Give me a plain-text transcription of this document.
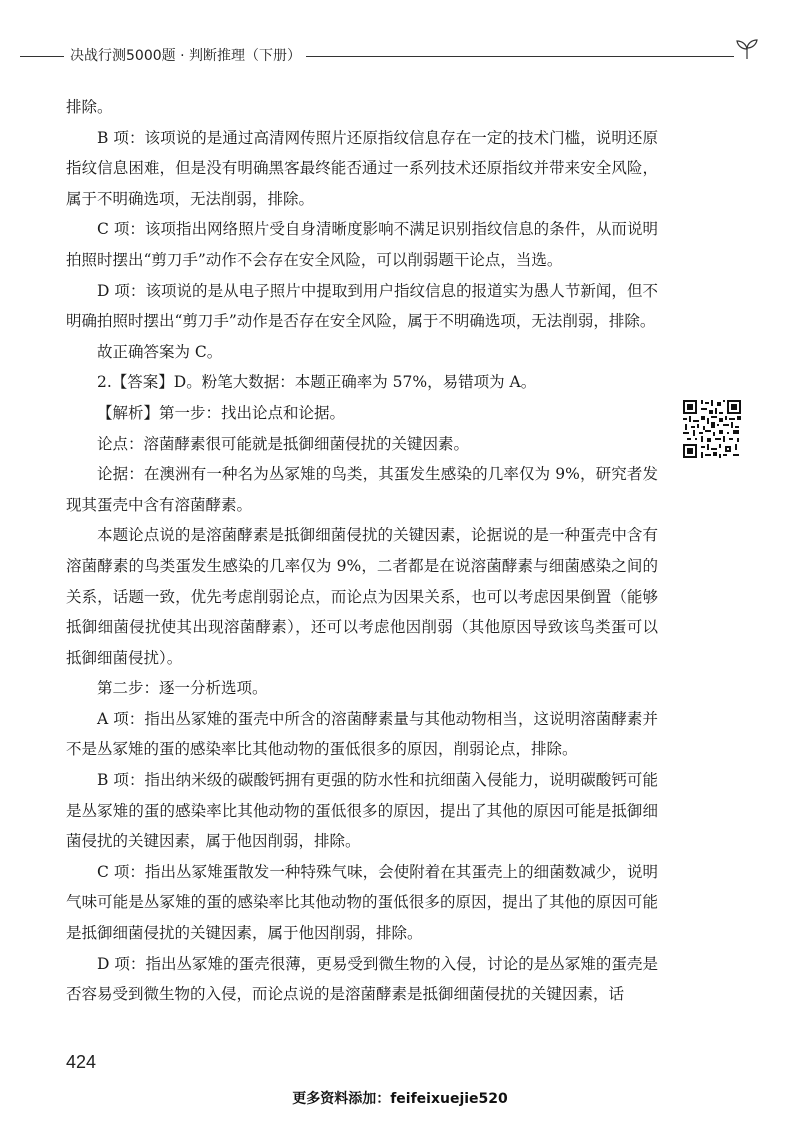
决战行测5000题 · 判断推理（下册）

排除。

B 项：该项说的是通过高清网传照片还原指纹信息存在一定的技术门槛，说明还原指纹信息困难，但是没有明确黑客最终能否通过一系列技术还原指纹并带来安全风险，属于不明确选项，无法削弱，排除。

C 项：该项指出网络照片受自身清晰度影响不满足识别指纹信息的条件，从而说明拍照时摆出“剪刀手”动作不会存在安全风险，可以削弱题干论点，当选。

D 项：该项说的是从电子照片中提取到用户指纹信息的报道实为愚人节新闻，但不明确拍照时摆出“剪刀手”动作是否存在安全风险，属于不明确选项，无法削弱，排除。

故正确答案为 C。

2.【答案】D。粉笔大数据：本题正确率为 57%，易错项为 A。

【解析】第一步：找出论点和论据。

论点：溶菌酵素很可能就是抵御细菌侵扰的关键因素。

论据：在澳洲有一种名为丛冢雉的鸟类，其蛋发生感染的几率仅为 9%，研究者发现其蛋壳中含有溶菌酵素。

本题论点说的是溶菌酵素是抵御细菌侵扰的关键因素，论据说的是一种蛋壳中含有溶菌酵素的鸟类蛋发生感染的几率仅为 9%，二者都是在说溶菌酵素与细菌感染之间的关系，话题一致，优先考虑削弱论点，而论点为因果关系，也可以考虑因果倒置（能够抵御细菌侵扰使其出现溶菌酵素），还可以考虑他因削弱（其他原因导致该鸟类蛋可以抵御细菌侵扰）。

第二步：逐一分析选项。

A 项：指出丛冢雉的蛋壳中所含的溶菌酵素量与其他动物相当，这说明溶菌酵素并不是丛冢雉的蛋的感染率比其他动物的蛋低很多的原因，削弱论点，排除。

B 项：指出纳米级的碳酸钙拥有更强的防水性和抗细菌入侵能力，说明碳酸钙可能是丛冢雉的蛋的感染率比其他动物的蛋低很多的原因，提出了其他的原因可能是抵御细菌侵扰的关键因素，属于他因削弱，排除。

C 项：指出丛冢雉蛋散发一种特殊气味，会使附着在其蛋壳上的细菌数减少，说明气味可能是丛冢雉的蛋的感染率比其他动物的蛋低很多的原因，提出了其他的原因可能是抵御细菌侵扰的关键因素，属于他因削弱，排除。

D 项：指出丛冢雉的蛋壳很薄，更易受到微生物的入侵，讨论的是丛冢雉的蛋壳是否容易受到微生物的入侵，而论点说的是溶菌酵素是抵御细菌侵扰的关键因素，话

424
更多资料添加：feifeixuejie520
